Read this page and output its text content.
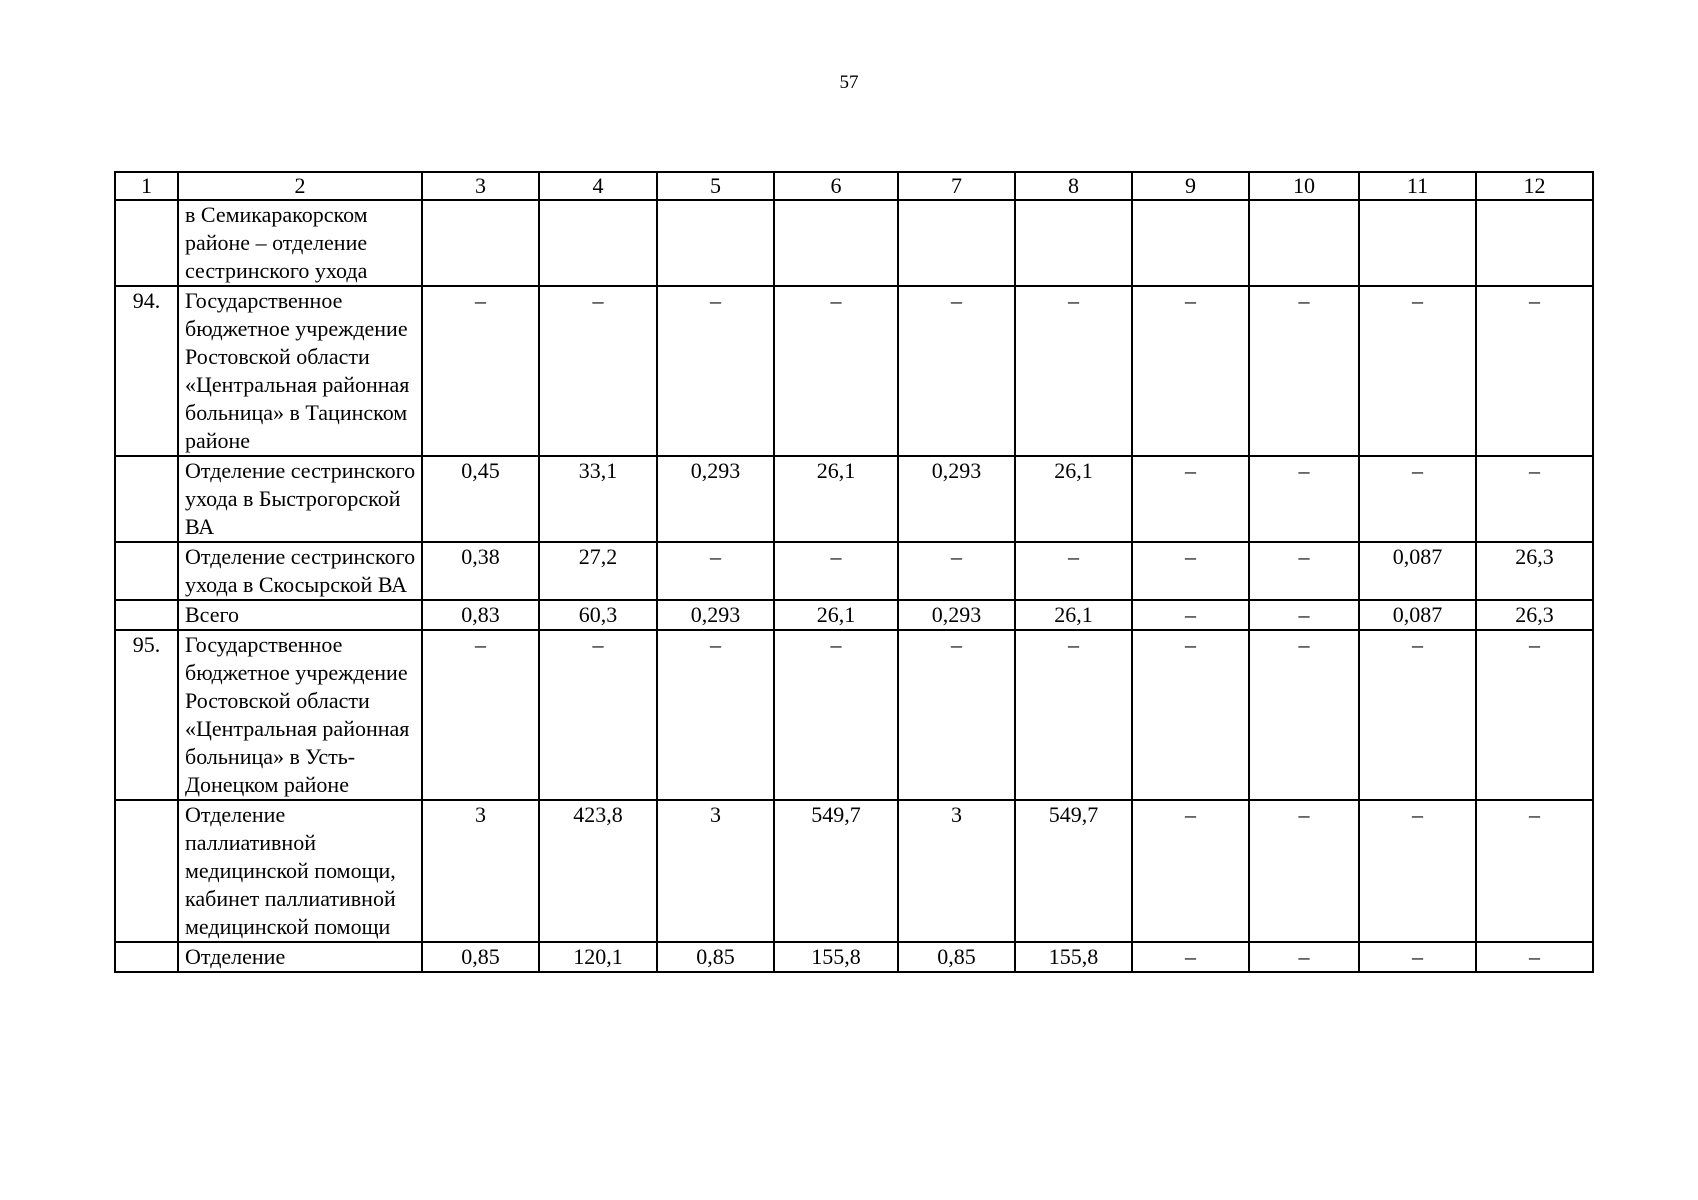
57
1	2	3	4	5	6	7	8	9	10	11	12
	в Семикаракорском районе – отделение сестринского ухода										
94.	Государственное бюджетное учреждение Ростовской области «Центральная районная больница» в Тацинском районе	–	–	–	–	–	–	–	–	–	–
	Отделение сестринского ухода в Быстрогорской ВА	0,45	33,1	0,293	26,1	0,293	26,1	–	–	–	–
	Отделение сестринского ухода в Скосырской ВА	0,38	27,2	–	–	–	–	–	–	0,087	26,3
	Всего	0,83	60,3	0,293	26,1	0,293	26,1	–	–	0,087	26,3
95.	Государственное бюджетное учреждение Ростовской области «Центральная районная больница» в Усть-Донецком районе	–	–	–	–	–	–	–	–	–	–
	Отделение паллиативной медицинской помощи, кабинет паллиативной медицинской помощи	3	423,8	3	549,7	3	549,7	–	–	–	–
	Отделение	0,85	120,1	0,85	155,8	0,85	155,8	–	–	–	–
